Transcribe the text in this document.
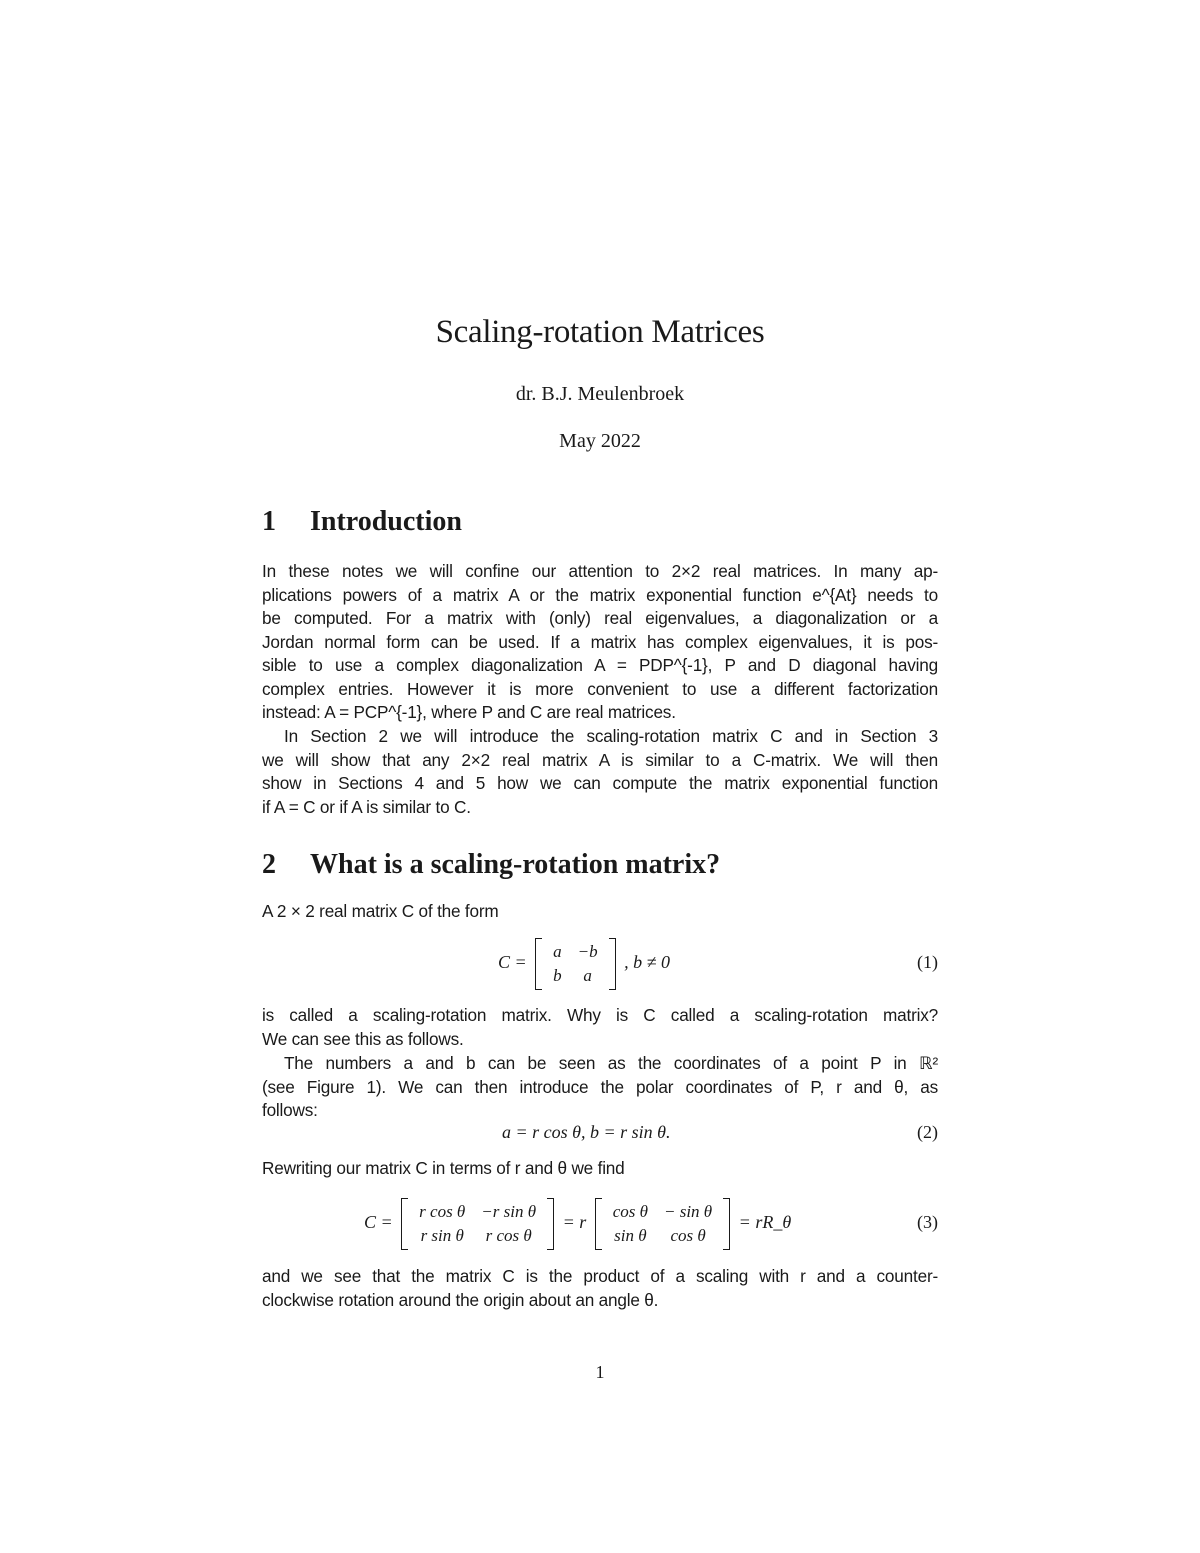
Scaling-rotation Matrices
dr. B.J. Meulenbroek
May 2022
1 Introduction
In these notes we will confine our attention to 2×2 real matrices. In many ap-
plications powers of a matrix A or the matrix exponential function e^{At} needs to
be computed. For a matrix with (only) real eigenvalues, a diagonalization or a
Jordan normal form can be used. If a matrix has complex eigenvalues, it is pos-
sible to use a complex diagonalization A = PDP^{-1}, P and D diagonal having
complex entries. However it is more convenient to use a different factorization
instead: A = PCP^{-1}, where P and C are real matrices.
In Section 2 we will introduce the scaling-rotation matrix C and in Section 3
we will show that any 2×2 real matrix A is similar to a C-matrix. We will then
show in Sections 4 and 5 how we can compute the matrix exponential function
if A = C or if A is similar to C.
2 What is a scaling-rotation matrix?
A 2 × 2 real matrix C of the form
C =
a	−b
b	a
, b ≠ 0	(1)
is called a scaling-rotation matrix. Why is C called a scaling-rotation matrix?
We can see this as follows.
The numbers a and b can be seen as the coordinates of a point P in ℝ²
(see Figure 1). We can then introduce the polar coordinates of P, r and θ, as
follows:
a = r cos θ, b = r sin θ.	(2)
Rewriting our matrix C in terms of r and θ we find
C =
r cos θ	−r sin θ
r sin θ	r cos θ
= r
cos θ	− sin θ
sin θ	cos θ
= rR_θ	(3)
and we see that the matrix C is the product of a scaling with r and a counter-
clockwise rotation around the origin about an angle θ.
1
